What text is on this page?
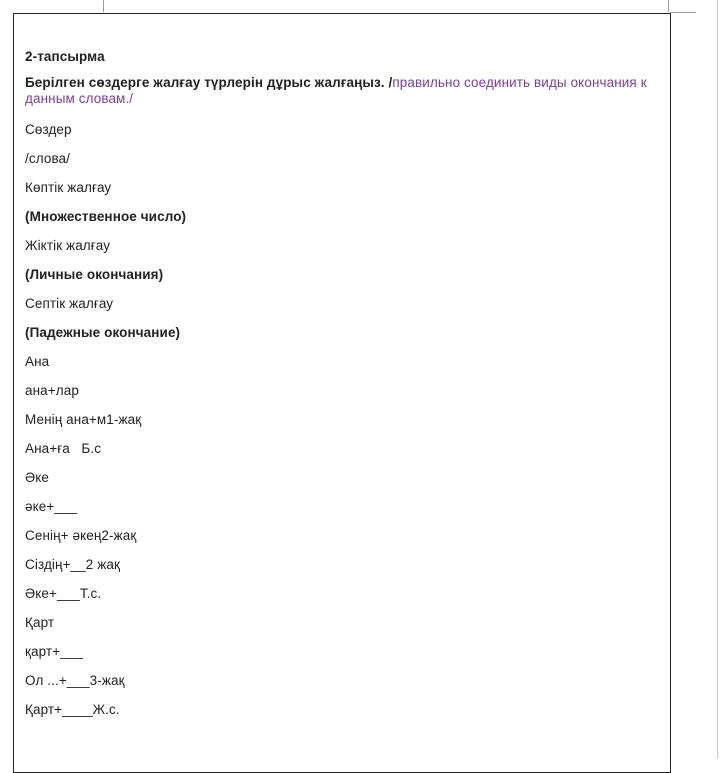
2-тапсырма
Берілген сөздерге жалғау түрлерін дұрыс жалғаңыз. /правильно соединить виды окончания к данным словам./
Сөздер
/слова/
Көптік жалғау
(Множественное число)
Жіктік жалғау
(Личные окончания)
Септік жалғау
(Падежные окончание)
Ана
ана+лар
Менің ана+м1-жақ
Ана+ға   Б.с
Әке
әке+___
Сенің+ әкең2-жақ
Сіздің+__2 жақ
Әке+___Т.с.
Қарт
қарт+___
Ол ...+___3-жақ
Қарт+____Ж.с.
